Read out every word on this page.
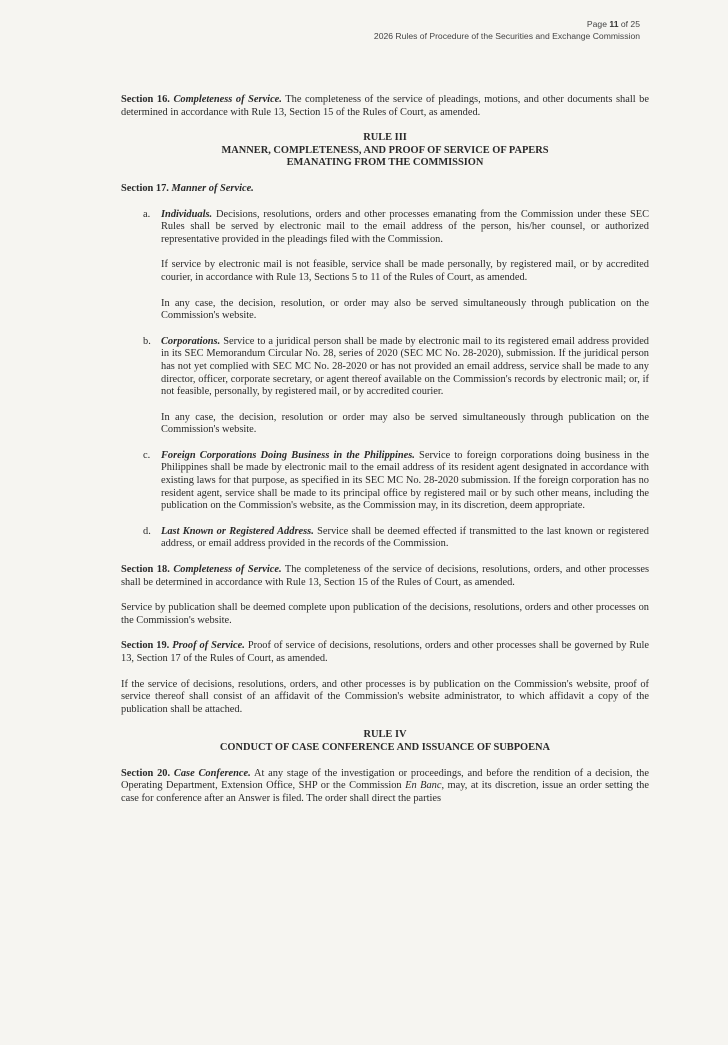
Page 11 of 25
2026 Rules of Procedure of the Securities and Exchange Commission

Section 16. Completeness of Service. The completeness of the service of pleadings, motions, and other documents shall be determined in accordance with Rule 13, Section 15 of the Rules of Court, as amended.

RULE III
MANNER, COMPLETENESS, AND PROOF OF SERVICE OF PAPERS
EMANATING FROM THE COMMISSION

Section 17. Manner of Service.

a. Individuals. Decisions, resolutions, orders and other processes emanating from the Commission under these SEC Rules shall be served by electronic mail to the email address of the person, his/her counsel, or authorized representative provided in the pleadings filed with the Commission.

If service by electronic mail is not feasible, service shall be made personally, by registered mail, or by accredited courier, in accordance with Rule 13, Sections 5 to 11 of the Rules of Court, as amended.

In any case, the decision, resolution, or order may also be served simultaneously through publication on the Commission's website.

b. Corporations. Service to a juridical person shall be made by electronic mail to its registered email address provided in its SEC Memorandum Circular No. 28, series of 2020 (SEC MC No. 28-2020), submission. If the juridical person has not yet complied with SEC MC No. 28-2020 or has not provided an email address, service shall be made to any director, officer, corporate secretary, or agent thereof available on the Commission's records by electronic mail; or, if not feasible, personally, by registered mail, or by accredited courier.

In any case, the decision, resolution or order may also be served simultaneously through publication on the Commission's website.

c. Foreign Corporations Doing Business in the Philippines. Service to foreign corporations doing business in the Philippines shall be made by electronic mail to the email address of its resident agent designated in accordance with existing laws for that purpose, as specified in its SEC MC No. 28-2020 submission. If the foreign corporation has no resident agent, service shall be made to its principal office by registered mail or by such other means, including the publication on the Commission's website, as the Commission may, in its discretion, deem appropriate.

d. Last Known or Registered Address. Service shall be deemed effected if transmitted to the last known or registered address, or email address provided in the records of the Commission.

Section 18. Completeness of Service. The completeness of the service of decisions, resolutions, orders, and other processes shall be determined in accordance with Rule 13, Section 15 of the Rules of Court, as amended.

Service by publication shall be deemed complete upon publication of the decisions, resolutions, orders and other processes on the Commission's website.

Section 19. Proof of Service. Proof of service of decisions, resolutions, orders and other processes shall be governed by Rule 13, Section 17 of the Rules of Court, as amended.

If the service of decisions, resolutions, orders, and other processes is by publication on the Commission's website, proof of service thereof shall consist of an affidavit of the Commission's website administrator, to which affidavit a copy of the publication shall be attached.

RULE IV
CONDUCT OF CASE CONFERENCE AND ISSUANCE OF SUBPOENA

Section 20. Case Conference. At any stage of the investigation or proceedings, and before the rendition of a decision, the Operating Department, Extension Office, SHP or the Commission En Banc, may, at its discretion, issue an order setting the case for conference after an Answer is filed. The order shall direct the parties
